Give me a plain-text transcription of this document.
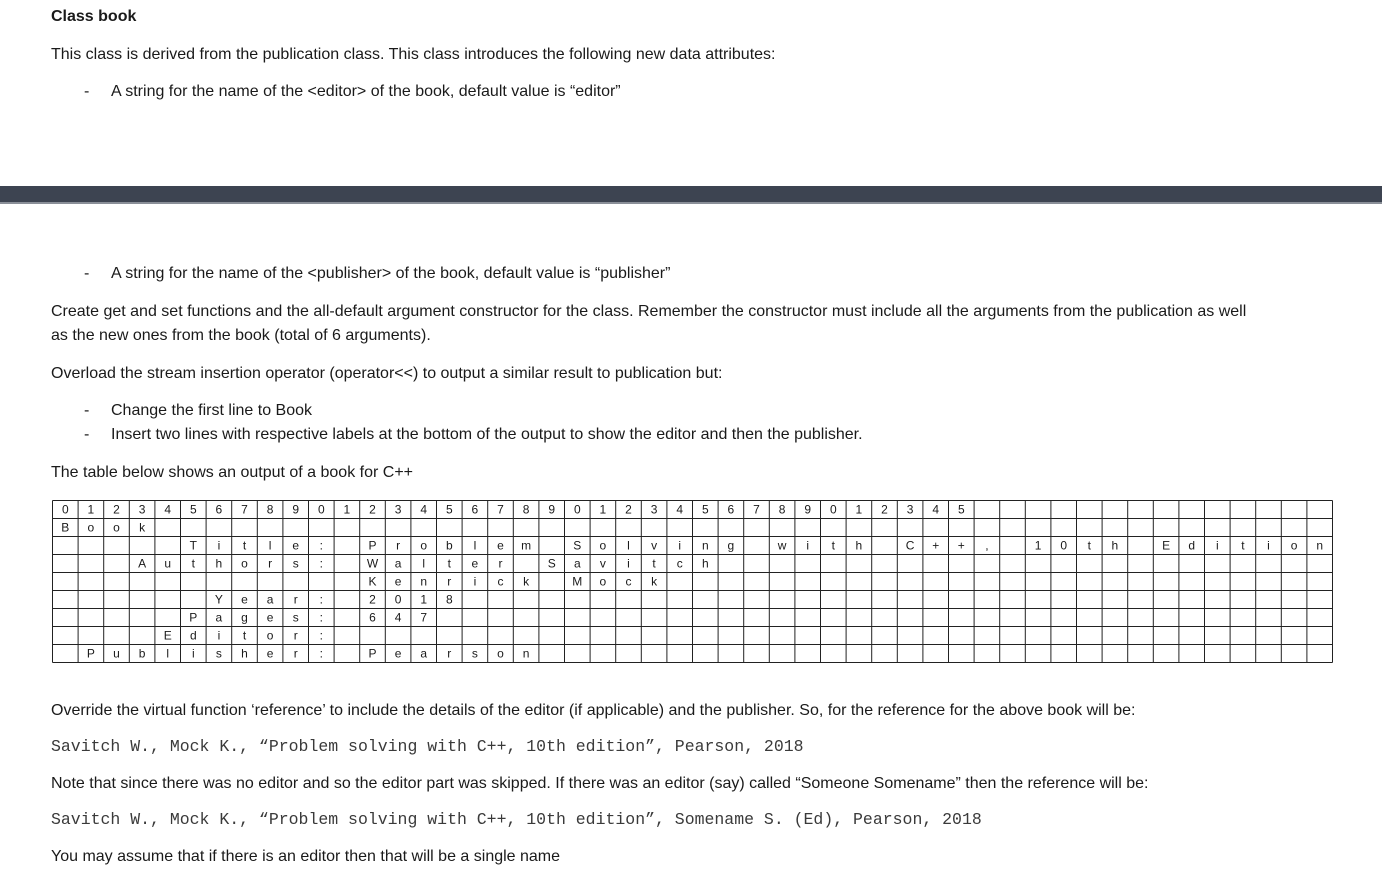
Class book
This class is derived from the publication class. This class introduces the following new data attributes:
- A string for the name of the <editor> of the book, default value is “editor”
- A string for the name of the <publisher> of the book, default value is “publisher”
Create get and set functions and the all-default argument constructor for the class. Remember the constructor must include all the arguments from the publication as well
as the new ones from the book (total of 6 arguments).
Overload the stream insertion operator (operator<<) to output a similar result to publication but:
- Change the first line to Book
- Insert two lines with respective labels at the bottom of the output to show the editor and then the publisher.
The table below shows an output of a book for C++
0 1 2 3 4 5 6 7 8 9 0 1 2 3 4 5 6 7 8 9 0 1 2 3 4 5 6 7 8 9 0 1 2 3 4 5
B o o k
T i t l e :	P r o b l e m	S o l v i n g	w i t h	C + + ,	1 0 t h	E d i t i o n
A u t h o r s :	W a l t e r	S a v i t c h
K e n r i c k	M o c k
Y e a r :	2 0 1 8
P a g e s :	6 4 7
E d i t o r :
P u b l i s h e r :	P e a r s o n
Override the virtual function ‘reference’ to include the details of the editor (if applicable) and the publisher. So, for the reference for the above book will be:
Savitch W., Mock K., “Problem solving with C++, 10th edition”, Pearson, 2018
Note that since there was no editor and so the editor part was skipped. If there was an editor (say) called “Someone Somename” then the reference will be:
Savitch W., Mock K., “Problem solving with C++, 10th edition”, Somename S. (Ed), Pearson, 2018
You may assume that if there is an editor then that will be a single name
